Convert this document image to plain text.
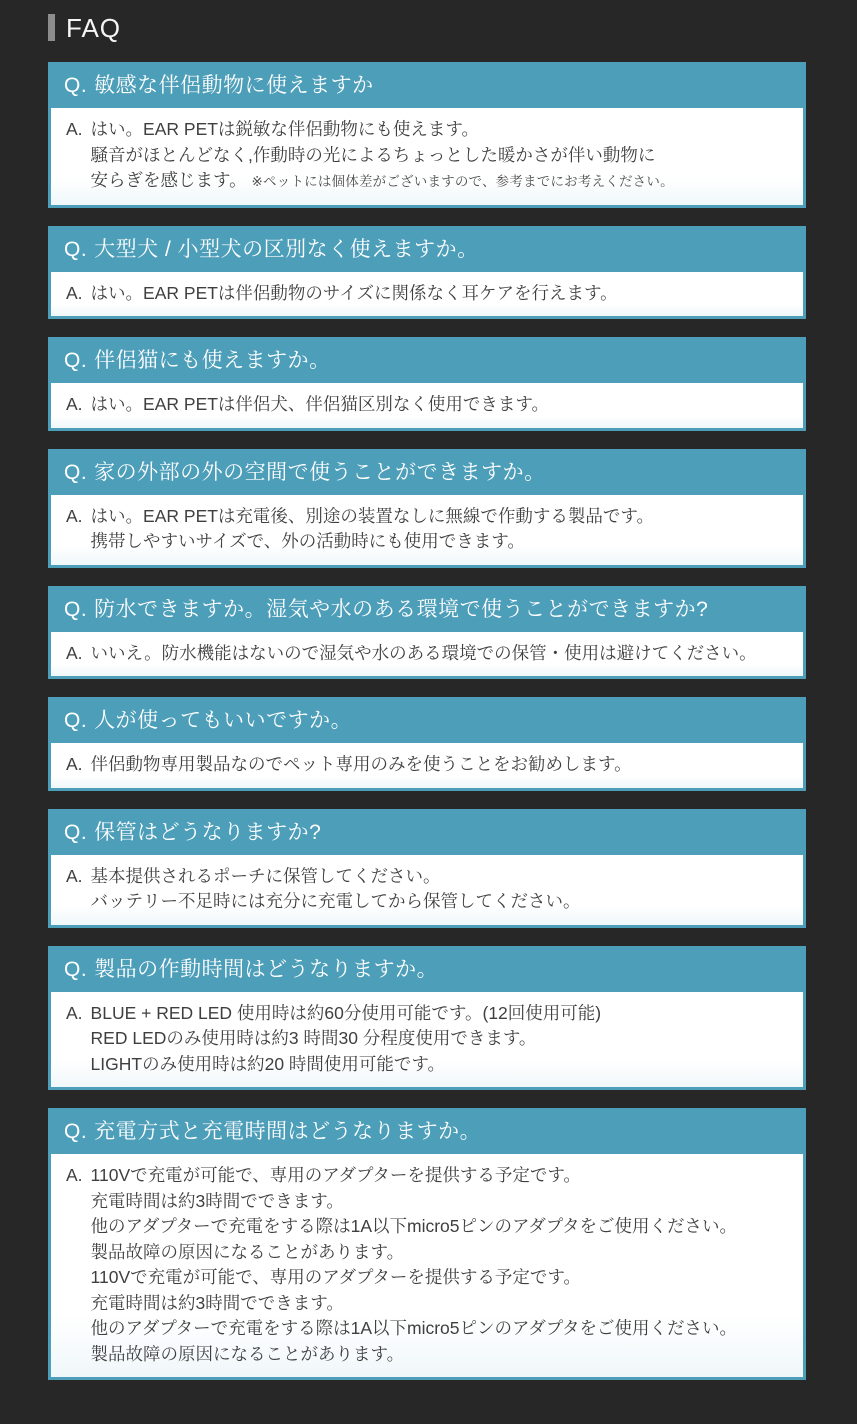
FAQ
Q. 敏感な伴侶動物に使えますか
A. はい。EAR PETは鋭敏な伴侶動物にも使えます。
騒音がほとんどなく,作動時の光によるちょっとした暖かさが伴い動物に
安らぎを感じます。 ※ペットには個体差がございますので、参考までにお考えください。
Q. 大型犬 / 小型犬の区別なく使えますか。
A. はい。EAR PETは伴侶動物のサイズに関係なく耳ケアを行えます。
Q. 伴侶猫にも使えますか。
A. はい。EAR PETは伴侶犬、伴侶猫区別なく使用できます。
Q. 家の外部の外の空間で使うことができますか。
A. はい。EAR PETは充電後、別途の装置なしに無線で作動する製品です。
携帯しやすいサイズで、外の活動時にも使用できます。
Q. 防水できますか。湿気や水のある環境で使うことができますか?
A. いいえ。防水機能はないので湿気や水のある環境での保管・使用は避けてください。
Q. 人が使ってもいいですか。
A. 伴侶動物専用製品なのでペット専用のみを使うことをお勧めします。
Q. 保管はどうなりますか?
A. 基本提供されるポーチに保管してください。
バッテリー不足時には充分に充電してから保管してください。
Q. 製品の作動時間はどうなりますか。
A. BLUE + RED LED 使用時は約60分使用可能です。(12回使用可能)
RED LEDのみ使用時は約3 時間30 分程度使用できます。
LIGHTのみ使用時は約20 時間使用可能です。
Q. 充電方式と充電時間はどうなりますか。
A. 110Vで充電が可能で、専用のアダプターを提供する予定です。
充電時間は約3時間でできます。
他のアダプターで充電をする際は1A以下micro5ピンのアダプタをご使用ください。
製品故障の原因になることがあります。
110Vで充電が可能で、専用のアダプターを提供する予定です。
充電時間は約3時間でできます。
他のアダプターで充電をする際は1A以下micro5ピンのアダプタをご使用ください。
製品故障の原因になることがあります。
